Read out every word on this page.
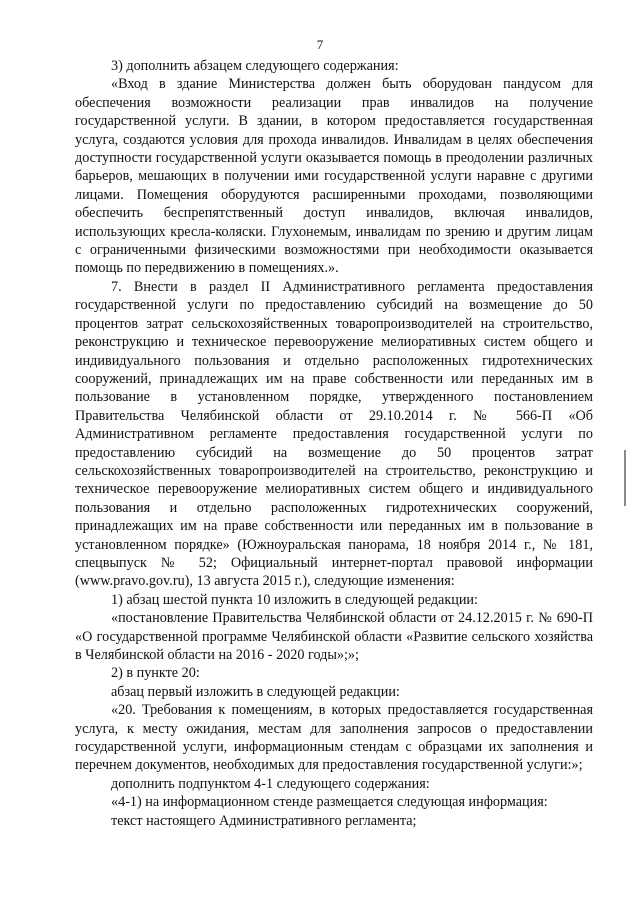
7

3) дополнить абзацем следующего содержания:

«Вход в здание Министерства должен быть оборудован пандусом для обеспечения возможности реализации прав инвалидов на получение государственной услуги. В здании, в котором предоставляется государственная услуга, создаются условия для прохода инвалидов. Инвалидам в целях обеспечения доступности государственной услуги оказывается помощь в преодолении различных барьеров, мешающих в получении ими государственной услуги наравне с другими лицами. Помещения оборудуются расширенными проходами, позволяющими обеспечить беспрепятственный доступ инвалидов, включая инвалидов, использующих кресла-коляски. Глухонемым, инвалидам по зрению и другим лицам с ограниченными физическими возможностями при необходимости оказывается помощь по передвижению в помещениях.».

7. Внести в раздел II Административного регламента предоставления государственной услуги по предоставлению субсидий на возмещение до 50 процентов затрат сельскохозяйственных товаропроизводителей на строительство, реконструкцию и техническое перевооружение мелиоративных систем общего и индивидуального пользования и отдельно расположенных гидротехнических сооружений, принадлежащих им на праве собственности или переданных им в пользование в установленном порядке, утвержденного постановлением Правительства Челябинской области от 29.10.2014 г. № 566-П «Об Административном регламенте предоставления государственной услуги по предоставлению субсидий на возмещение до 50 процентов затрат сельскохозяйственных товаропроизводителей на строительство, реконструкцию и техническое перевооружение мелиоративных систем общего и индивидуального пользования и отдельно расположенных гидротехнических сооружений, принадлежащих им на праве собственности или переданных им в пользование в установленном порядке» (Южноуральская панорама, 18 ноября 2014 г., № 181, спецвыпуск № 52; Официальный интернет-портал правовой информации (www.pravo.gov.ru), 13 августа 2015 г.), следующие изменения:

1) абзац шестой пункта 10 изложить в следующей редакции:

«постановление Правительства Челябинской области от 24.12.2015 г. № 690-П «О государственной программе Челябинской области «Развитие сельского хозяйства в Челябинской области на 2016 - 2020 годы»;»;

2) в пункте 20:

абзац первый изложить в следующей редакции:

«20. Требования к помещениям, в которых предоставляется государственная услуга, к месту ожидания, местам для заполнения запросов о предоставлении государственной услуги, информационным стендам с образцами их заполнения и перечнем документов, необходимых для предоставления государственной услуги:»;

дополнить подпунктом 4-1 следующего содержания:

«4-1) на информационном стенде размещается следующая информация:

текст настоящего Административного регламента;
